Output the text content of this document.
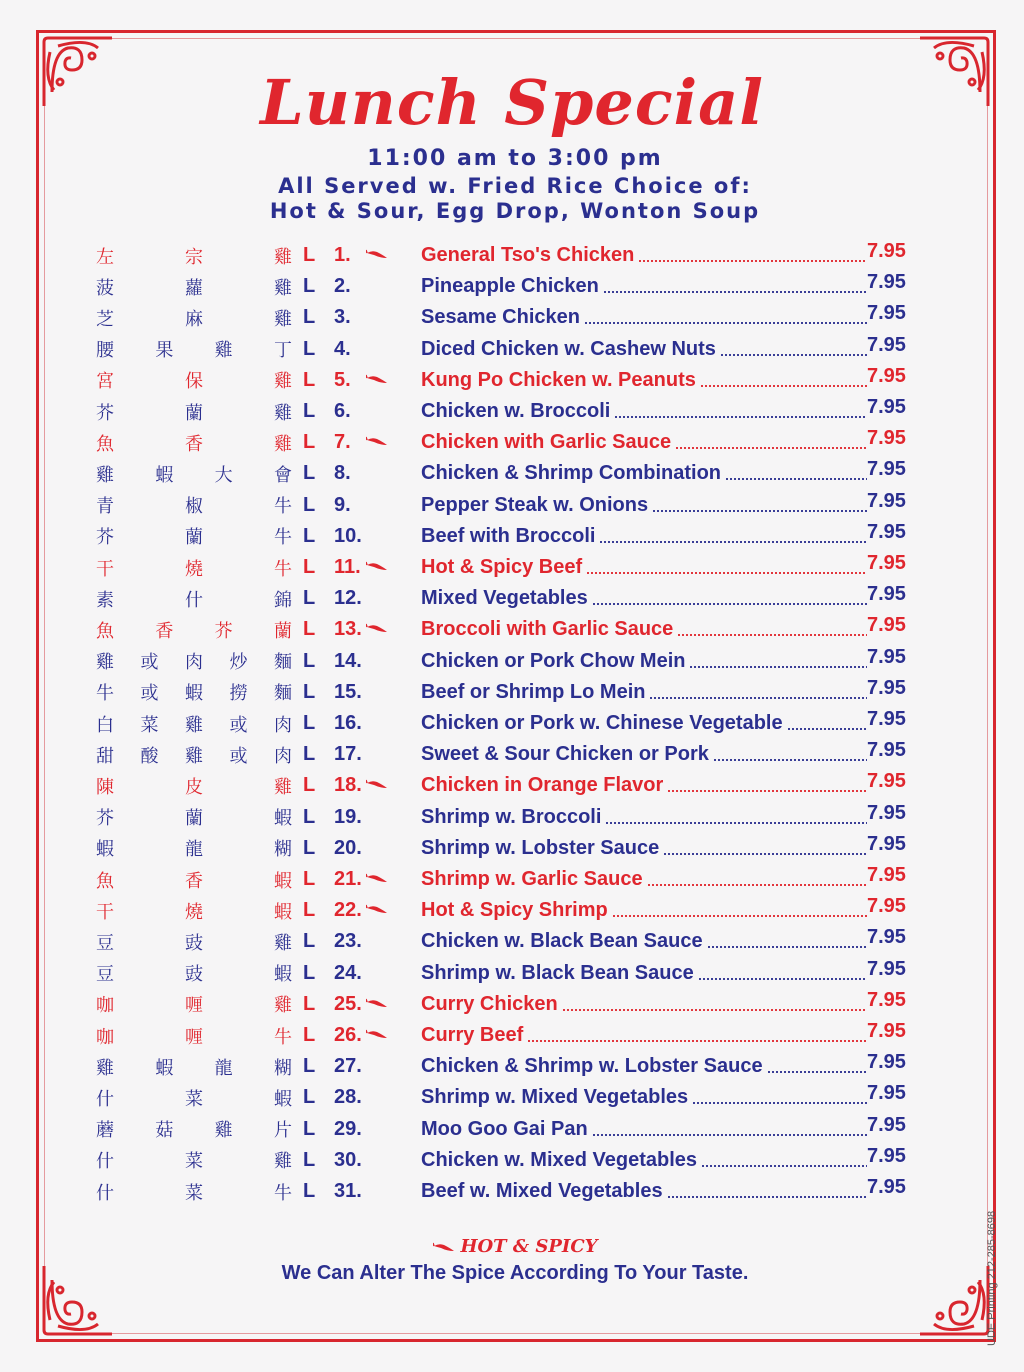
Lunch Special
11:00 am to 3:00 pm
All Served w. Fried Rice Choice of:
Hot & Sour, Egg Drop, Wonton Soup
左	宗	雞 L 1.	General Tso's Chicken	7.95
菠	蘿	雞 L 2.	Pineapple Chicken	7.95
芝	麻	雞 L 3.	Sesame Chicken	7.95
腰 果 雞 丁 L 4.	Diced Chicken w. Cashew Nuts	7.95
宮	保	雞 L 5.	Kung Po Chicken w. Peanuts	7.95
芥	蘭	雞 L 6.	Chicken w. Broccoli	7.95
魚	香	雞 L 7.	Chicken with Garlic Sauce	7.95
雞 蝦 大 會 L 8.	Chicken & Shrimp Combination	7.95
青	椒	牛 L 9.	Pepper Steak w. Onions	7.95
芥	蘭	牛 L 10.	Beef with Broccoli	7.95
干	燒	牛 L 11.	Hot & Spicy Beef	7.95
素	什	錦 L 12.	Mixed Vegetables	7.95
魚 香 芥 蘭 L 13.	Broccoli with Garlic Sauce	7.95
雞 或 肉 炒 麵 L 14.	Chicken or Pork Chow Mein	7.95
牛 或 蝦 撈 麵 L 15.	Beef or Shrimp Lo Mein	7.95
白 菜 雞 或 肉 L 16.	Chicken or Pork w. Chinese Vegetable	7.95
甜 酸 雞 或 肉 L 17.	Sweet & Sour Chicken or Pork	7.95
陳	皮	雞 L 18.	Chicken in Orange Flavor	7.95
芥	蘭	蝦 L 19.	Shrimp w. Broccoli	7.95
蝦	龍	糊 L 20.	Shrimp w. Lobster Sauce	7.95
魚	香	蝦 L 21.	Shrimp w. Garlic Sauce	7.95
干	燒	蝦 L 22.	Hot & Spicy Shrimp	7.95
豆	豉	雞 L 23.	Chicken w. Black Bean Sauce	7.95
豆	豉	蝦 L 24.	Shrimp w. Black Bean Sauce	7.95
咖	喱	雞 L 25.	Curry Chicken	7.95
咖	喱	牛 L 26.	Curry Beef	7.95
雞 蝦 龍 糊 L 27.	Chicken & Shrimp w. Lobster Sauce	7.95
什	菜	蝦 L 28.	Shrimp w. Mixed Vegetables	7.95
蘑 菇 雞 片 L 29.	Moo Goo Gai Pan	7.95
什	菜	雞 L 30.	Chicken w. Mixed Vegetables	7.95
什	菜	牛 L 31.	Beef w. Mixed Vegetables	7.95
HOT & SPICY
We Can Alter The Spice According To Your Taste.	UDE Printing 212-285-8698
